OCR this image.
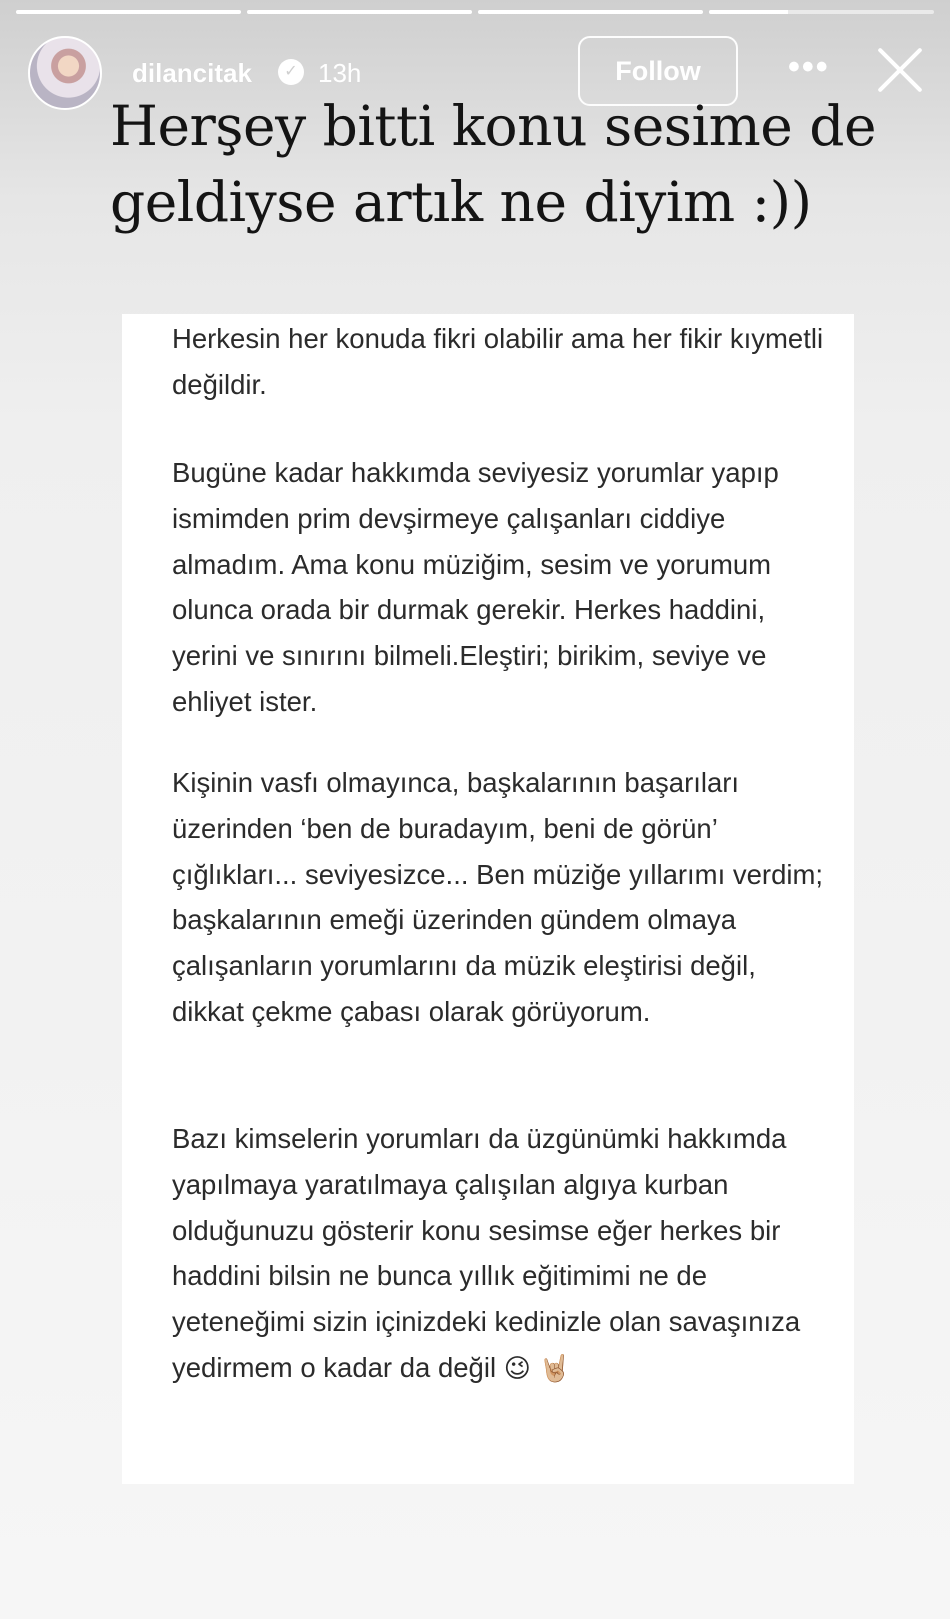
dilancitak	✓ 13h	Follow	•••
Herşey bitti konu sesime de geldiyse artık ne diyim :))

Herkesin her konuda fikri olabilir ama her fikir kıymetli değildir.

Bugüne kadar hakkımda seviyesiz yorumlar yapıp ismimden prim devşirmeye çalışanları ciddiye almadım. Ama konu müziğim, sesim ve yorumum olunca orada bir durmak gerekir. Herkes haddini, yerini ve sınırını bilmeli.Eleştiri; birikim, seviye ve ehliyet ister.

Kişinin vasfı olmayınca, başkalarının başarıları üzerinden ‘ben de buradayım, beni de görün’ çığlıkları... seviyesizce... Ben müziğe yıllarımı verdim; başkalarının emeği üzerinden gündem olmaya çalışanların yorumlarını da müzik eleştirisi değil, dikkat çekme çabası olarak görüyorum.

Bazı kimselerin yorumları da üzgünümki hakkımda yapılmaya yaratılmaya çalışılan algıya kurban olduğunuzu gösterir konu sesimse eğer herkes bir haddini bilsin ne bunca yıllık eğitimimi ne de yeteneğimi sizin içinizdeki kedinizle olan savaşınıza yedirmem o kadar da değil 😉 🤘🏼
